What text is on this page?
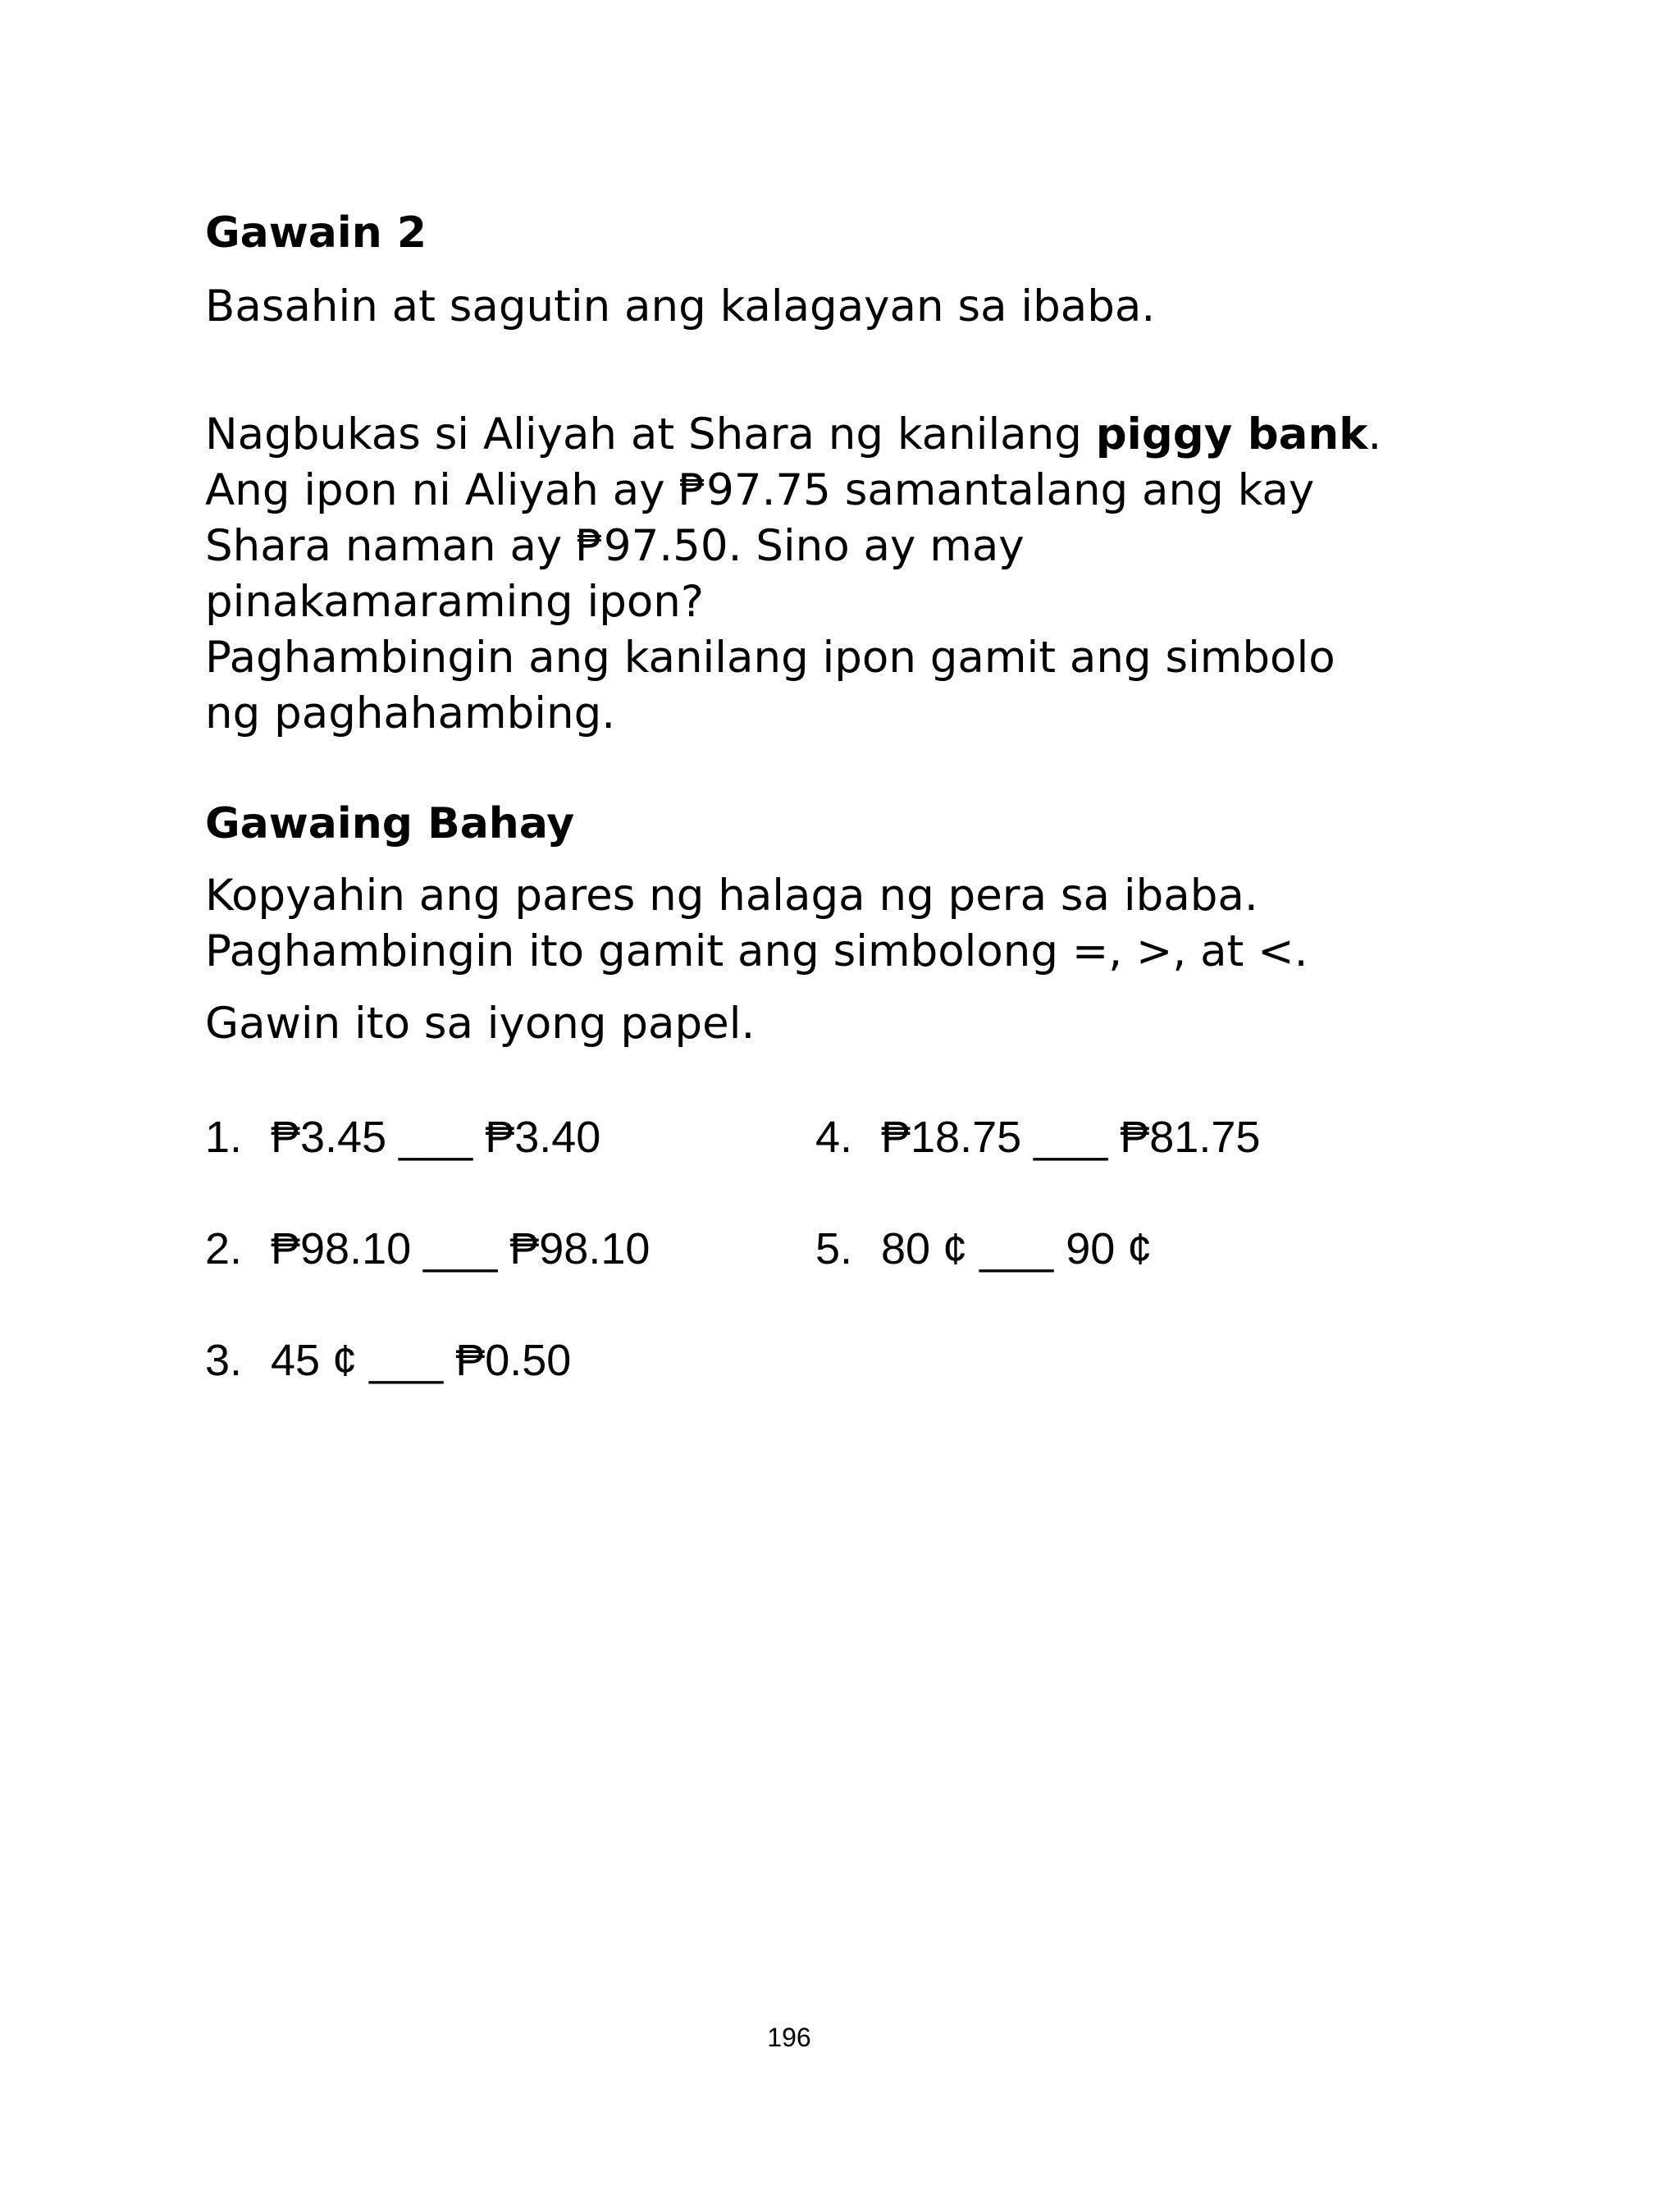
Gawain 2

Basahin at sagutin ang kalagayan sa ibaba.

Nagbukas si Aliyah at Shara ng kanilang piggy bank.
Ang ipon ni Aliyah ay ₱97.75 samantalang ang kay
Shara naman ay ₱97.50. Sino ay may
pinakamaraming ipon?
Paghambingin ang kanilang ipon gamit ang simbolo
ng paghahambing.

Gawaing Bahay

Kopyahin ang pares ng halaga ng pera sa ibaba.
Paghambingin ito gamit ang simbolong =, >, at <.

Gawin ito sa iyong papel.

1. ₱3.45 ___ ₱3.40
2. ₱98.10 ___ ₱98.10
3. 45 ¢ ___ ₱0.50
4. ₱18.75 ___ ₱81.75
5. 80 ¢ ___ 90 ¢
196
